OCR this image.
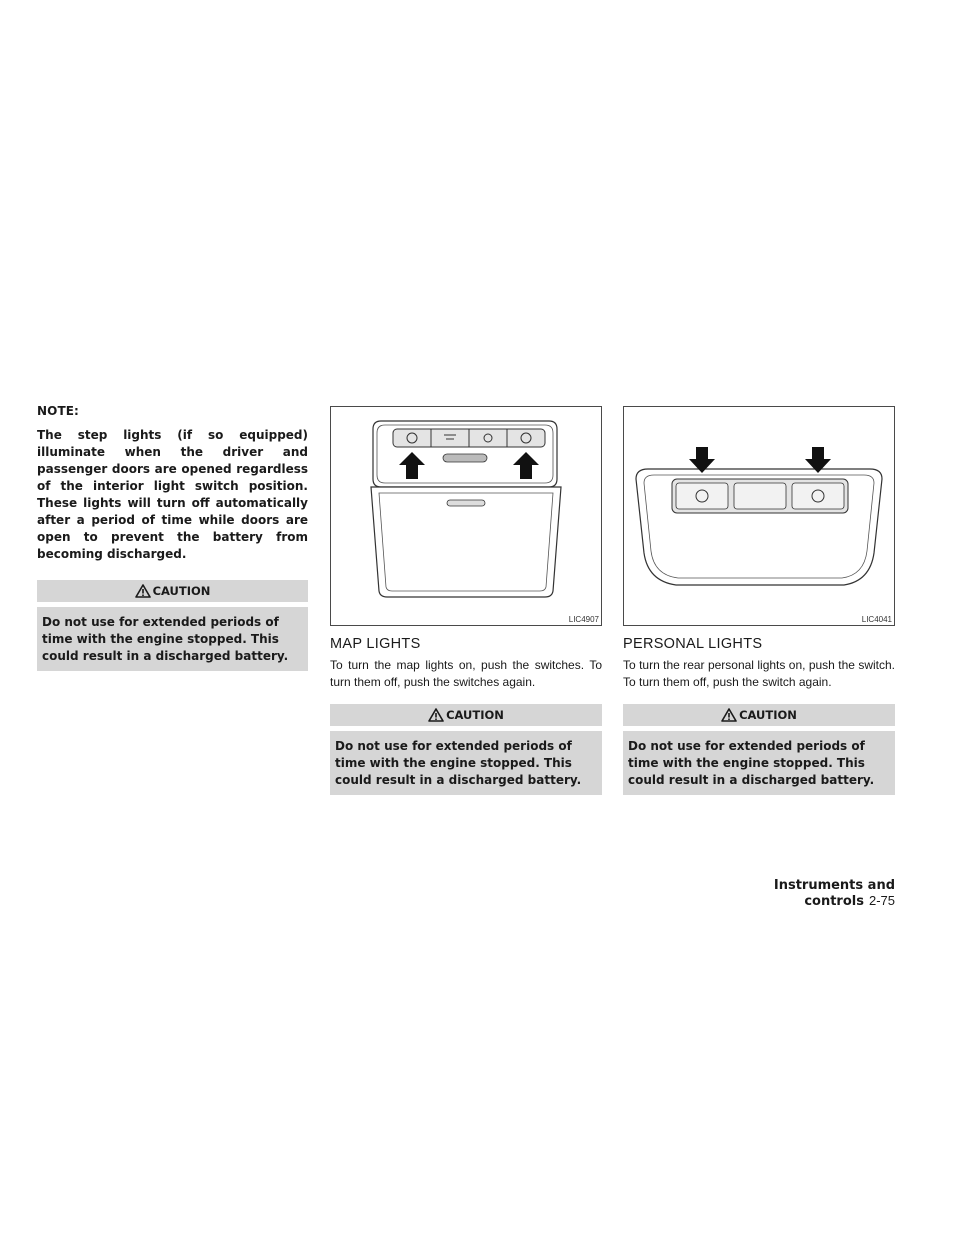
NOTE:

The step lights (if so equipped) illuminate when the driver and passenger doors are opened regardless of the interior light switch position. These lights will turn off automatically after a period of time while doors are open to prevent the battery from becoming discharged.

CAUTION
Do not use for extended periods of time with the engine stopped. This could result in a discharged battery.
LIC4907
MAP LIGHTS

To turn the map lights on, push the switches. To turn them off, push the switches again.

CAUTION
Do not use for extended periods of time with the engine stopped. This could result in a discharged battery.
LIC4041
PERSONAL LIGHTS

To turn the rear personal lights on, push the switch. To turn them off, push the switch again.

CAUTION
Do not use for extended periods of time with the engine stopped. This could result in a discharged battery.
Instruments and controls 2-75
